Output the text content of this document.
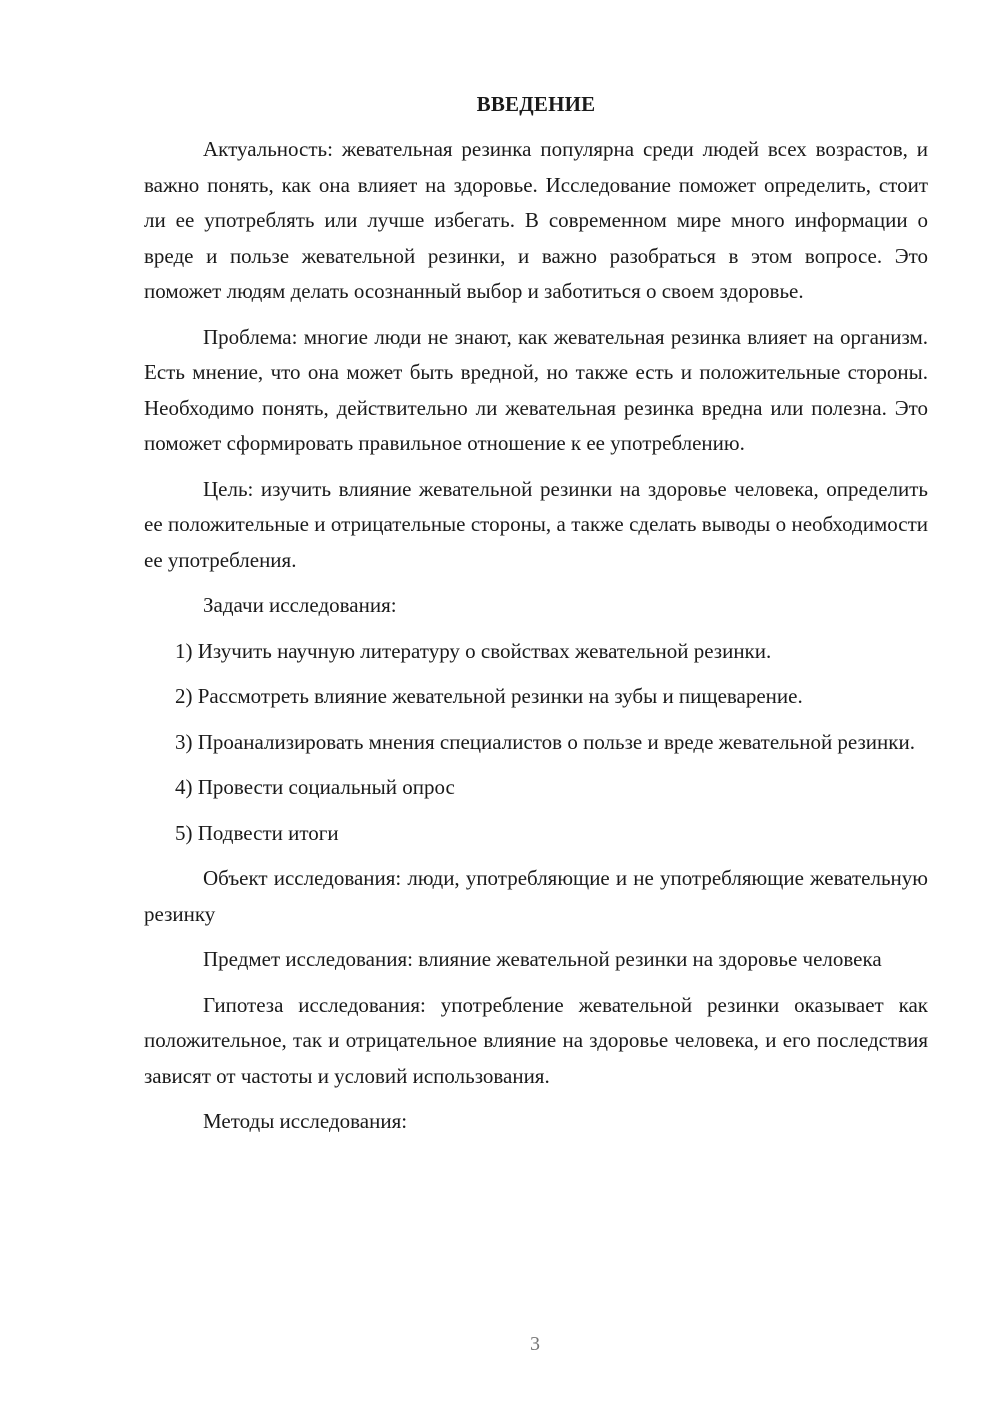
ВВЕДЕНИЕ

Актуальность: жевательная резинка популярна среди людей всех возрастов, и важно понять, как она влияет на здоровье. Исследование поможет определить, стоит ли ее употреблять или лучше избегать. В современном мире много информации о вреде и пользе жевательной резинки, и важно разобраться в этом вопросе. Это поможет людям делать осознанный выбор и заботиться о своем здоровье.

Проблема: многие люди не знают, как жевательная резинка влияет на организм. Есть мнение, что она может быть вредной, но также есть и положительные стороны. Необходимо понять, действительно ли жевательная резинка вредна или полезна. Это поможет сформировать правильное отношение к ее употреблению.

Цель: изучить влияние жевательной резинки на здоровье человека, определить ее положительные и отрицательные стороны, а также сделать выводы о необходимости ее употребления.

Задачи исследования:

1) Изучить научную литературу о свойствах жевательной резинки.

2) Рассмотреть влияние жевательной резинки на зубы и пищеварение.

3) Проанализировать мнения специалистов о пользе и вреде жевательной резинки.

4) Провести социальный опрос

5) Подвести итоги

Объект исследования: люди, употребляющие и не употребляющие жевательную резинку

Предмет исследования: влияние жевательной резинки на здоровье человека

Гипотеза исследования: употребление жевательной резинки оказывает как положительное, так и отрицательное влияние на здоровье человека, и его последствия зависят от частоты и условий использования.

Методы исследования:

3
